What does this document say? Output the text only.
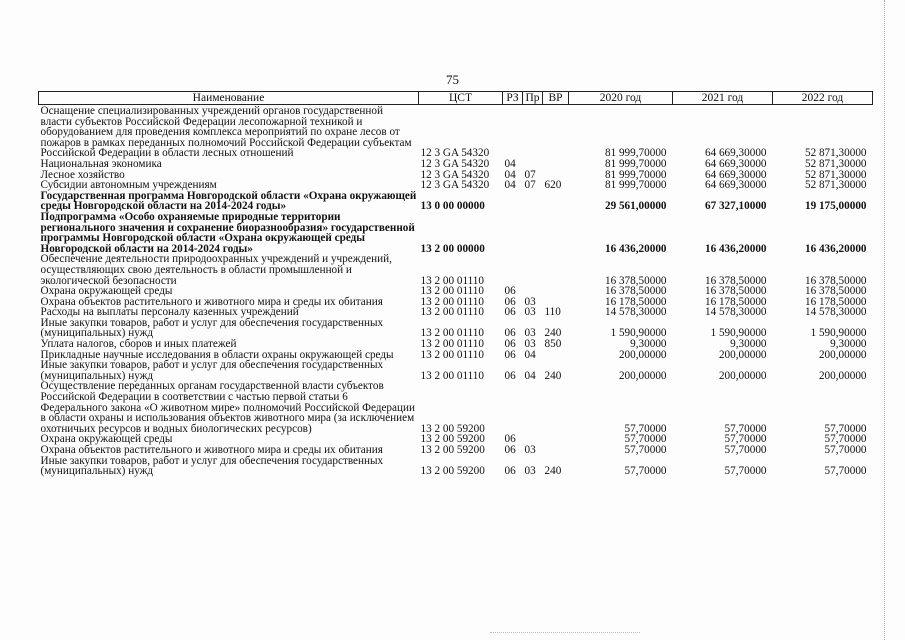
75
Наименование	ЦСТ	РЗ	Пр	ВР	2020 год	2021 год	2022 год
Оснащение специализированных учреждений органов государственной власти субъектов Российской Федерации лесопожарной техникой и оборудованием для проведения комплекса мероприятий по охране лесов от пожаров в рамках переданных полномочий Российской Федерации субъектам Российской Федерации в области лесных отношений	12 3 GA 54320				81 999,70000	64 669,30000	52 871,30000
Национальная экономика	12 3 GA 54320	04			81 999,70000	64 669,30000	52 871,30000
Лесное хозяйство	12 3 GA 54320	04	07		81 999,70000	64 669,30000	52 871,30000
Субсидии автономным учреждениям	12 3 GA 54320	04	07	620	81 999,70000	64 669,30000	52 871,30000
Государственная программа Новгородской области «Охрана окружающей среды Новгородской области на 2014-2024 годы»	13 0 00 00000				29 561,00000	67 327,10000	19 175,00000
Подпрограмма «Особо охраняемые природные территории регионального значения и сохранение биоразнообразия» государственной программы Новгородской области «Охрана окружающей среды Новгородской области на 2014-2024 годы»	13 2 00 00000				16 436,20000	16 436,20000	16 436,20000
Обеспечение деятельности природоохранных учреждений и учреждений, осуществляющих свою деятельность в области промышленной и экологической безопасности	13 2 00 01110				16 378,50000	16 378,50000	16 378,50000
Охрана окружающей среды	13 2 00 01110	06			16 378,50000	16 378,50000	16 378,50000
Охрана объектов растительного и животного мира и среды их обитания	13 2 00 01110	06	03		16 178,50000	16 178,50000	16 178,50000
Расходы на выплаты персоналу казенных учреждений	13 2 00 01110	06	03	110	14 578,30000	14 578,30000	14 578,30000
Иные закупки товаров, работ и услуг для обеспечения государственных (муниципальных) нужд	13 2 00 01110	06	03	240	1 590,90000	1 590,90000	1 590,90000
Уплата налогов, сборов и иных платежей	13 2 00 01110	06	03	850	9,30000	9,30000	9,30000
Прикладные научные исследования в области охраны окружающей среды	13 2 00 01110	06	04		200,00000	200,00000	200,00000
Иные закупки товаров, работ и услуг для обеспечения государственных (муниципальных) нужд	13 2 00 01110	06	04	240	200,00000	200,00000	200,00000
Осуществление переданных органам государственной власти субъектов Российской Федерации в соответствии с частью первой статьи 6 Федерального закона «О животном мире» полномочий Российской Федерации в области охраны и использования объектов животного мира (за исключением охотничьих ресурсов и водных биологических ресурсов)	13 2 00 59200				57,70000	57,70000	57,70000
Охрана окружающей среды	13 2 00 59200	06			57,70000	57,70000	57,70000
Охрана объектов растительного и животного мира и среды их обитания	13 2 00 59200	06	03		57,70000	57,70000	57,70000
Иные закупки товаров, работ и услуг для обеспечения государственных (муниципальных) нужд	13 2 00 59200	06	03	240	57,70000	57,70000	57,70000
